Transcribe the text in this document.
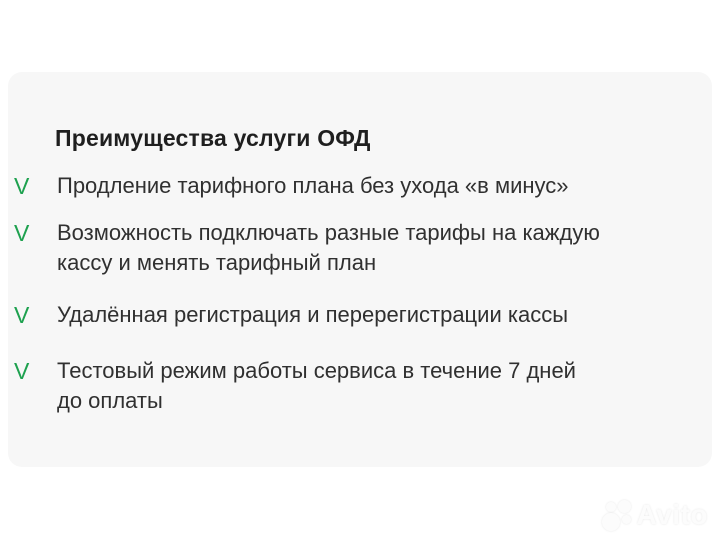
Преимущества услуги ОФД
V	Продление тарифного плана без ухода «в минус»
V	Возможность подключать разные тарифы на каждую
кассу и менять тарифный план
V	Удалённая регистрация и перерегистрации кассы
V	Тестовый режим работы сервиса в течение 7 дней
до оплаты
Avito
